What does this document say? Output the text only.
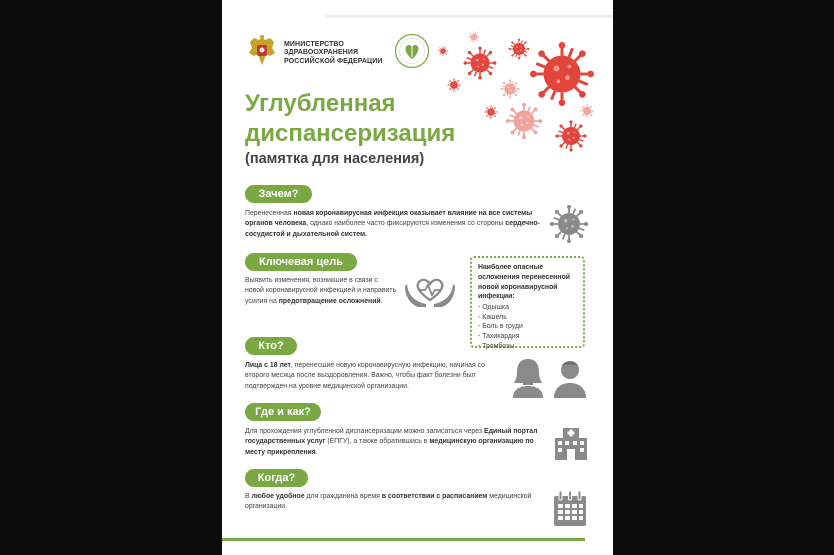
МИНИСТЕРСТВО
ЗДРАВООХРАНЕНИЯ
РОССИЙСКОЙ ФЕДЕРАЦИИ
Углубленная
диспансеризация
(памятка для населения)
Зачем?
Перенесенная новая коронавирусная инфекция оказывает влияние на все системы органов человека, однако наиболее часто фиксируются изменения со стороны сердечно-сосудистой и дыхательной систем.
Ключевая цель
Выявить изменения, возникшие в связи с новой коронавирусной инфекцией и направить усилия на предотвращение осложнений.
Наиболее опасные
осложнения перенесенной
новой коронавирусной
инфекции:
- Одышка
- Кашель
- Боль в груди
- Тахикардия
- Тромбозы
Кто?
Лица с 18 лет, перенесшие новую коронавирусную инфекцию, начиная со второго месяца после выздоровления. Важно, чтобы факт болезни был подтвержден на уровне медицинской организации.
Где и как?
Для прохождения углубленной диспансеризации можно записаться через Единый портал государственных услуг (ЕПГУ), а также обратившись в медицинскую организацию по месту прикрепления.
Когда?
В любое удобное для гражданина время в соответствии с расписанием медицинской организации.
